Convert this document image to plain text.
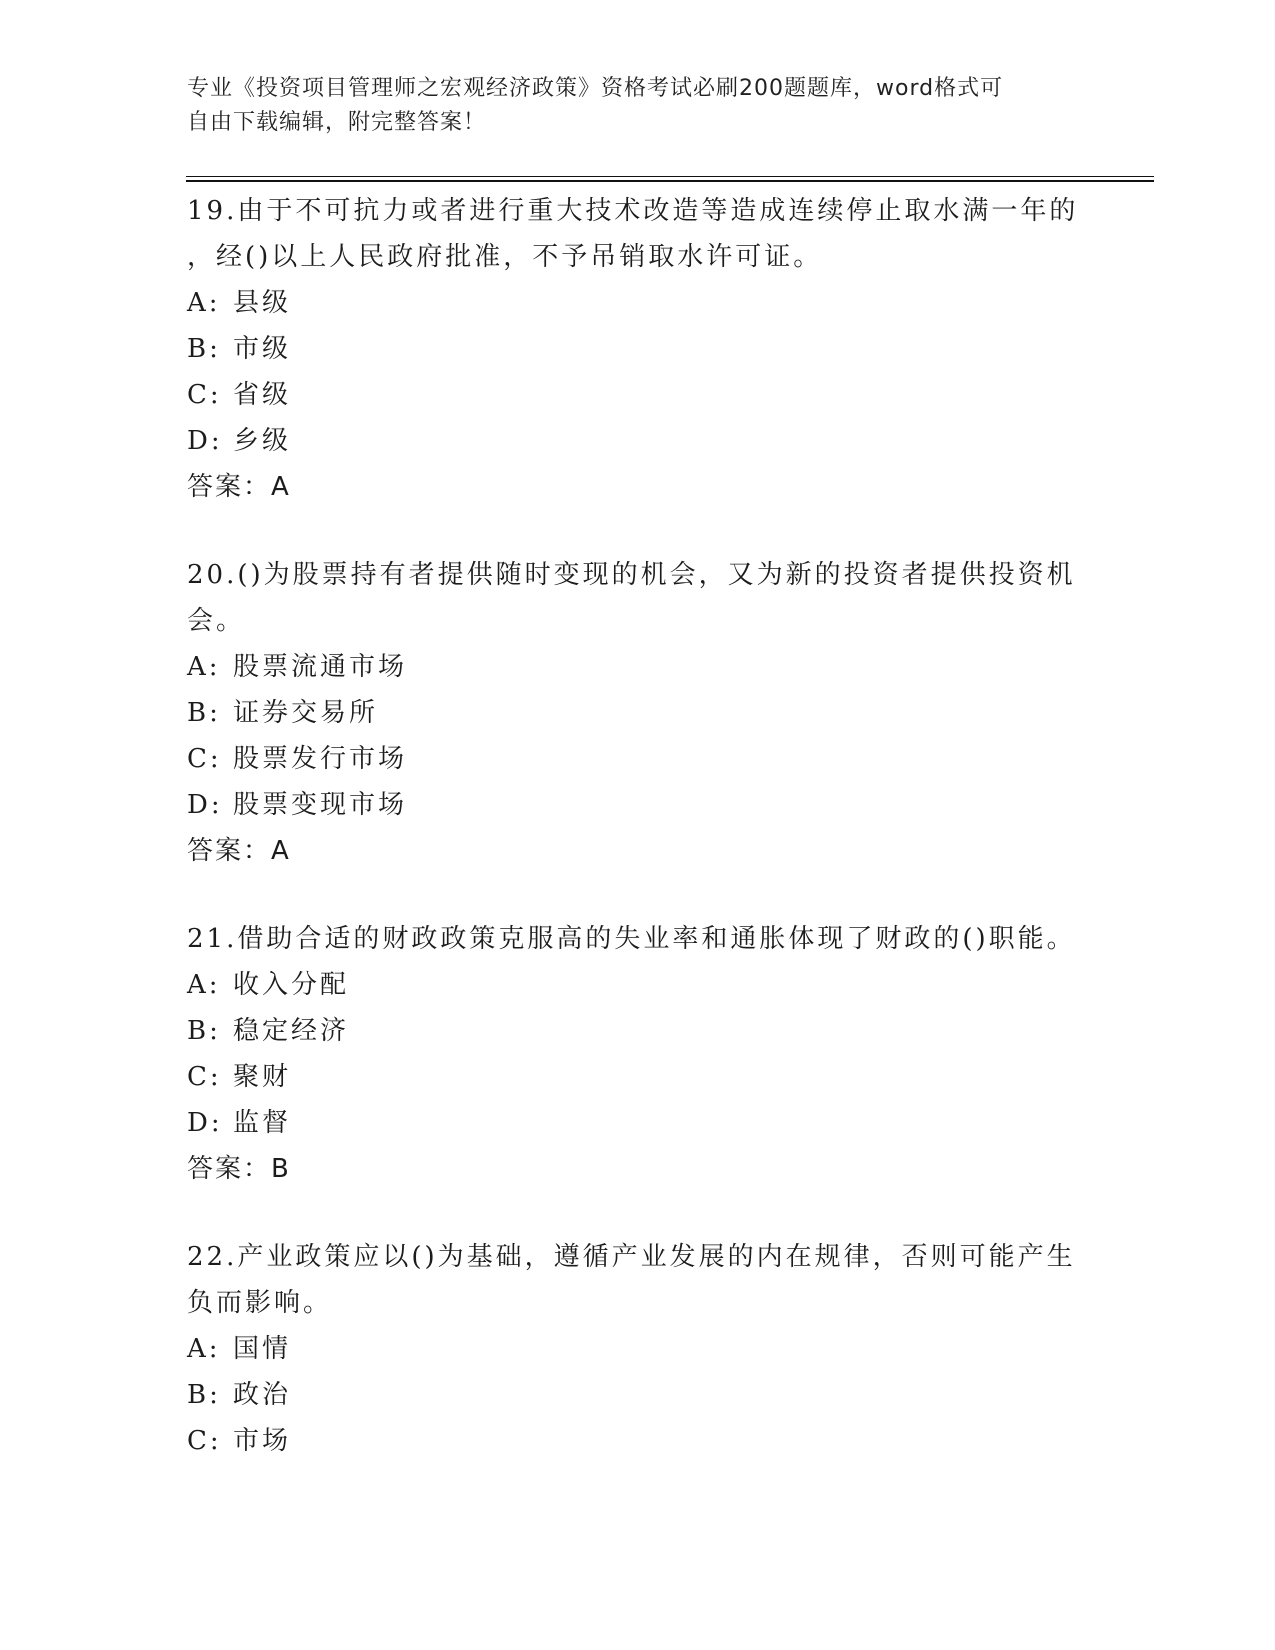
专业《投资项目管理师之宏观经济政策》资格考试必刷200题题库，word格式可
自由下载编辑，附完整答案！
19.由于不可抗力或者进行重大技术改造等造成连续停止取水满一年的
，经()以上人民政府批准，不予吊销取水许可证。
A: 县级
B: 市级
C: 省级
D: 乡级
答案：A
20.()为股票持有者提供随时变现的机会，又为新的投资者提供投资机
会。
A: 股票流通市场
B: 证券交易所
C: 股票发行市场
D: 股票变现市场
答案：A
21.借助合适的财政政策克服高的失业率和通胀体现了财政的()职能。
A: 收入分配
B: 稳定经济
C: 聚财
D: 监督
答案：B
22.产业政策应以()为基础，遵循产业发展的内在规律，否则可能产生
负而影响。
A: 国情
B: 政治
C: 市场
